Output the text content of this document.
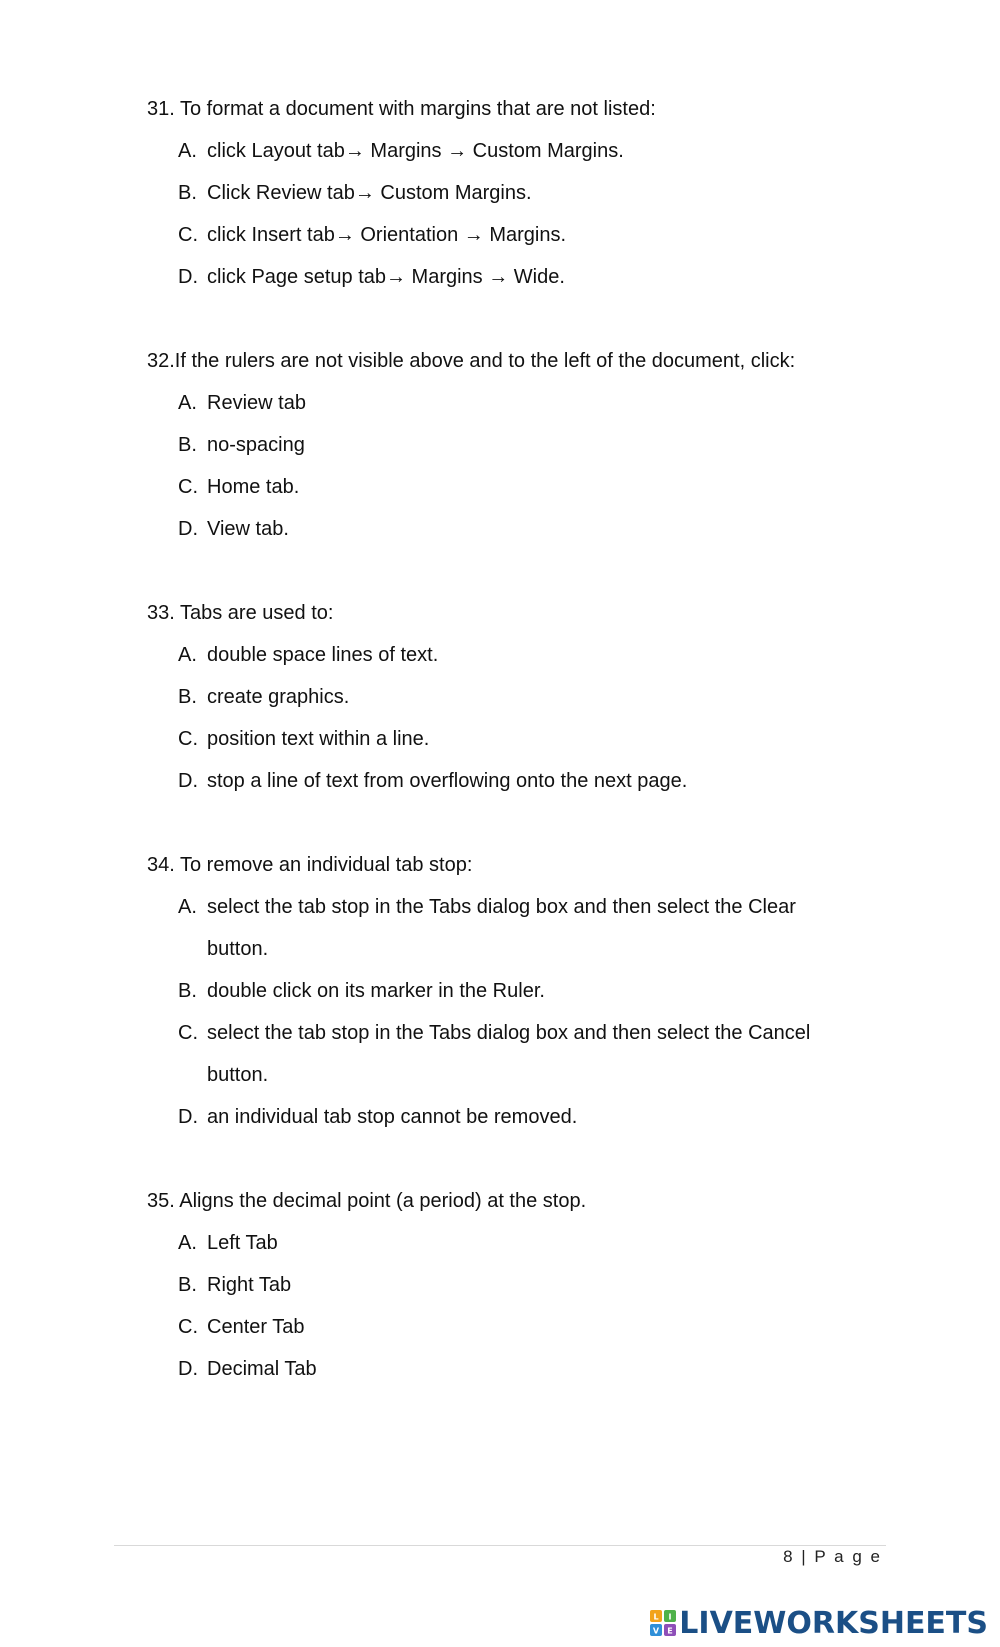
31. To format a document with margins that are not listed:
A. click Layout tab→ Margins → Custom Margins.
B. Click Review tab→ Custom Margins.
C. click Insert tab→ Orientation → Margins.
D. click Page setup tab→ Margins → Wide.
32.If the rulers are not visible above and to the left of the document, click:
A. Review tab
B. no-spacing
C. Home tab.
D. View tab.
33. Tabs are used to:
A. double space lines of text.
B. create graphics.
C. position text within a line.
D. stop a line of text from overflowing onto the next page.
34. To remove an individual tab stop:
A. select the tab stop in the Tabs dialog box and then select the Clear button.
B. double click on its marker in the Ruler.
C. select the tab stop in the Tabs dialog box and then select the Cancel button.
D. an individual tab stop cannot be removed.
35. Aligns the decimal point (a period) at the stop.
A. Left Tab
B. Right Tab
C. Center Tab
D. Decimal Tab
8 | P a g e
L I
V E LIVEWORKSHEETS
